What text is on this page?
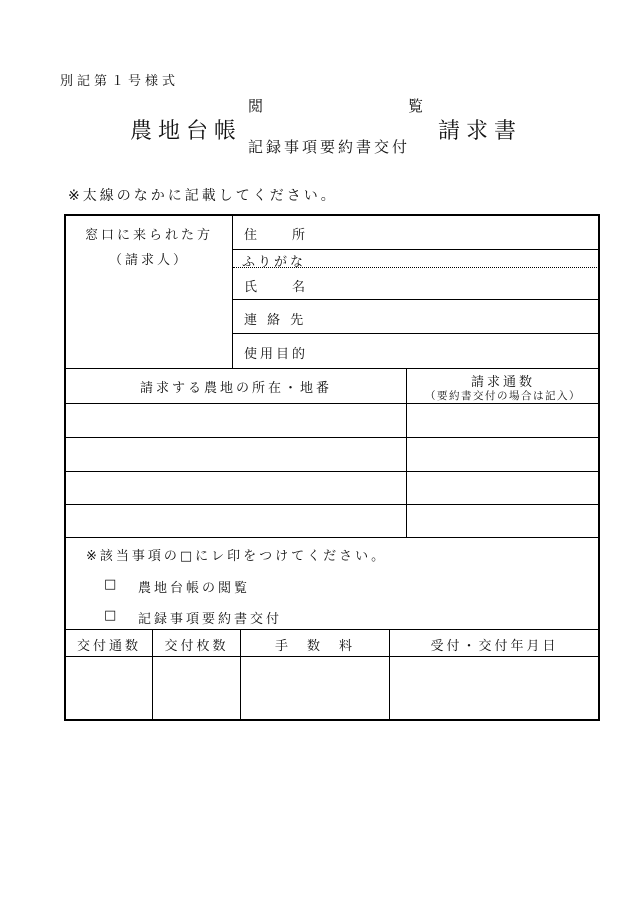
別記第１号様式
農地台帳
閲	覧
記録事項要約書交付
請求書
※太線のなかに記載してください。
窓口に来られた方
（請求人）
住　　所
ふりがな
氏　　名
連 絡 先
使用目的
請求する農地の所在・地番	請求通数
（要約書交付の場合は記入）
※該当事項の□にレ印をつけてください。
□ 農地台帳の閲覧
□ 記録事項要約書交付
交付通数	交付枚数	手　数　料	受付・交付年月日
